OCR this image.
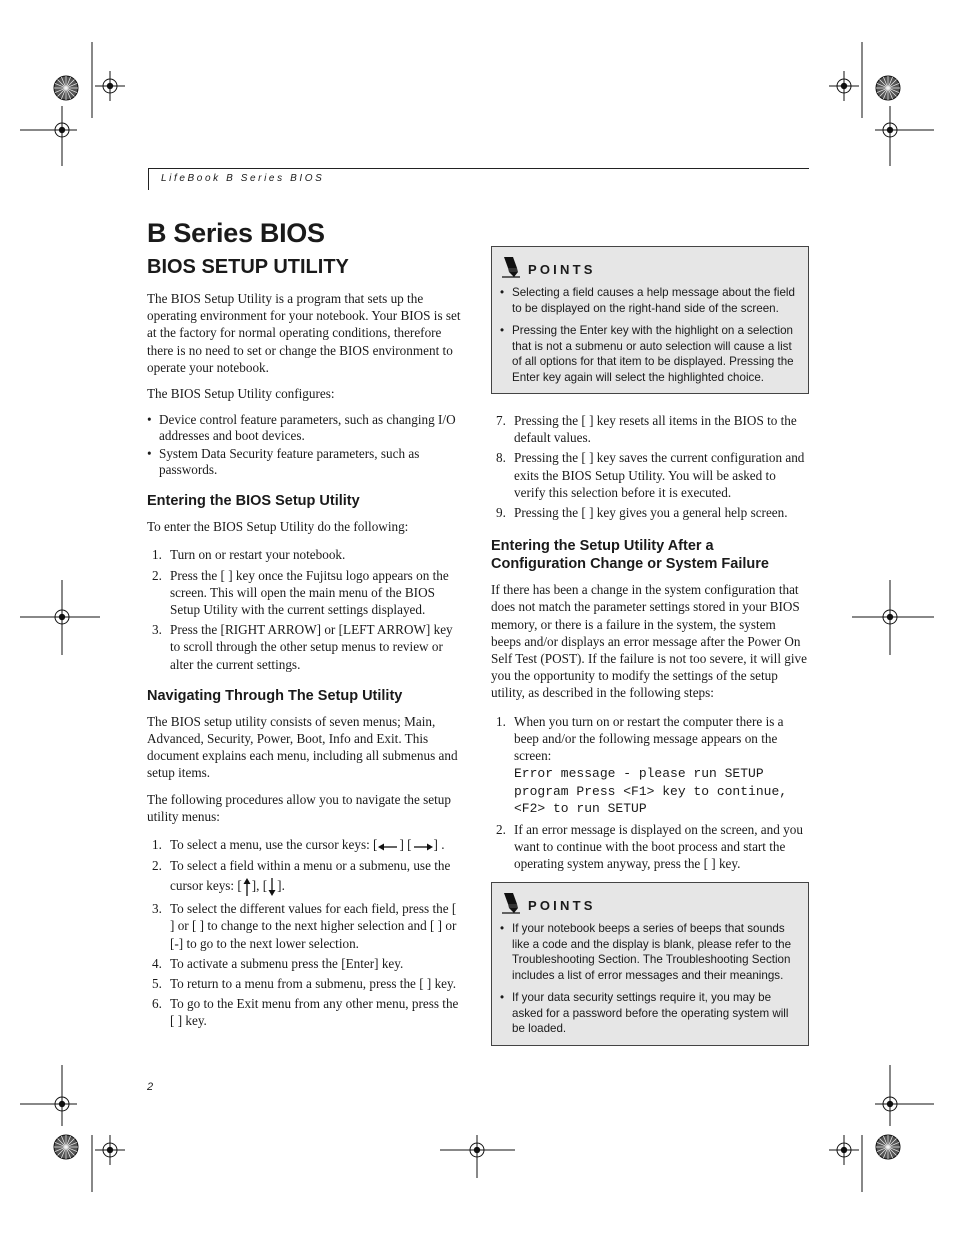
LifeBook B Series BIOS
B Series BIOS
BIOS SETUP UTILITY

The BIOS Setup Utility is a program that sets up the operating environment for your notebook. Your BIOS is set at the factory for normal operating conditions, therefore there is no need to set or change the BIOS environment to operate your notebook.

The BIOS Setup Utility configures:

• Device control feature parameters, such as changing I/O addresses and boot devices.
• System Data Security feature parameters, such as passwords.
Entering the BIOS Setup Utility

To enter the BIOS Setup Utility do the following:

1. Turn on or restart your notebook.
2. Press the [ ] key once the Fujitsu logo appears on the screen. This will open the main menu of the BIOS Setup Utility with the current settings displayed.
3. Press the [RIGHT ARROW] or [LEFT ARROW] key to scroll through the other setup menus to review or alter the current settings.
Navigating Through The Setup Utility

The BIOS setup utility consists of seven menus; Main, Advanced, Security, Power, Boot, Info and Exit. This document explains each menu, including all submenus and setup items.

The following procedures allow you to navigate the setup utility menus:

1. To select a menu, use the cursor keys: [ ] [ ] .
2. To select a field within a menu or a submenu, use the cursor keys: [ ], [ ].
3. To select the different values for each field, press the [ ] or [ ] to change to the next higher selection and [ ] or [-] to go to the next lower selection.
4. To activate a submenu press the [Enter] key.
5. To return to a menu from a submenu, press the [ ] key.
6. To go to the Exit menu from any other menu, press the [ ] key.
POINTS
• Selecting a field causes a help message about the field to be displayed on the right-hand side of the screen.
• Pressing the Enter key with the highlight on a selection that is not a submenu or auto selection will cause a list of all options for that item to be displayed. Pressing the Enter key again will select the highlighted choice.
7. Pressing the [ ] key resets all items in the BIOS to the default values.
8. Pressing the [ ] key saves the current configuration and exits the BIOS Setup Utility. You will be asked to verify this selection before it is executed.
9. Pressing the [ ] key gives you a general help screen.
Entering the Setup Utility After a Configuration Change or System Failure

If there has been a change in the system configuration that does not match the parameter settings stored in your BIOS memory, or there is a failure in the system, the system beeps and/or displays an error message after the Power On Self Test (POST). If the failure is not too severe, it will give you the opportunity to modify the settings of the setup utility, as described in the following steps:

1. When you turn on or restart the computer there is a beep and/or the following message appears on the screen:
Error message - please run SETUP
program Press <F1> key to continue,
<F2> to run SETUP
2. If an error message is displayed on the screen, and you want to continue with the boot process and start the operating system anyway, press the [ ] key.
POINTS
• If your notebook beeps a series of beeps that sounds like a code and the display is blank, please refer to the Troubleshooting Section. The Troubleshooting Section includes a list of error messages and their meanings.
• If your data security settings require it, you may be asked for a password before the operating system will be loaded.
2
